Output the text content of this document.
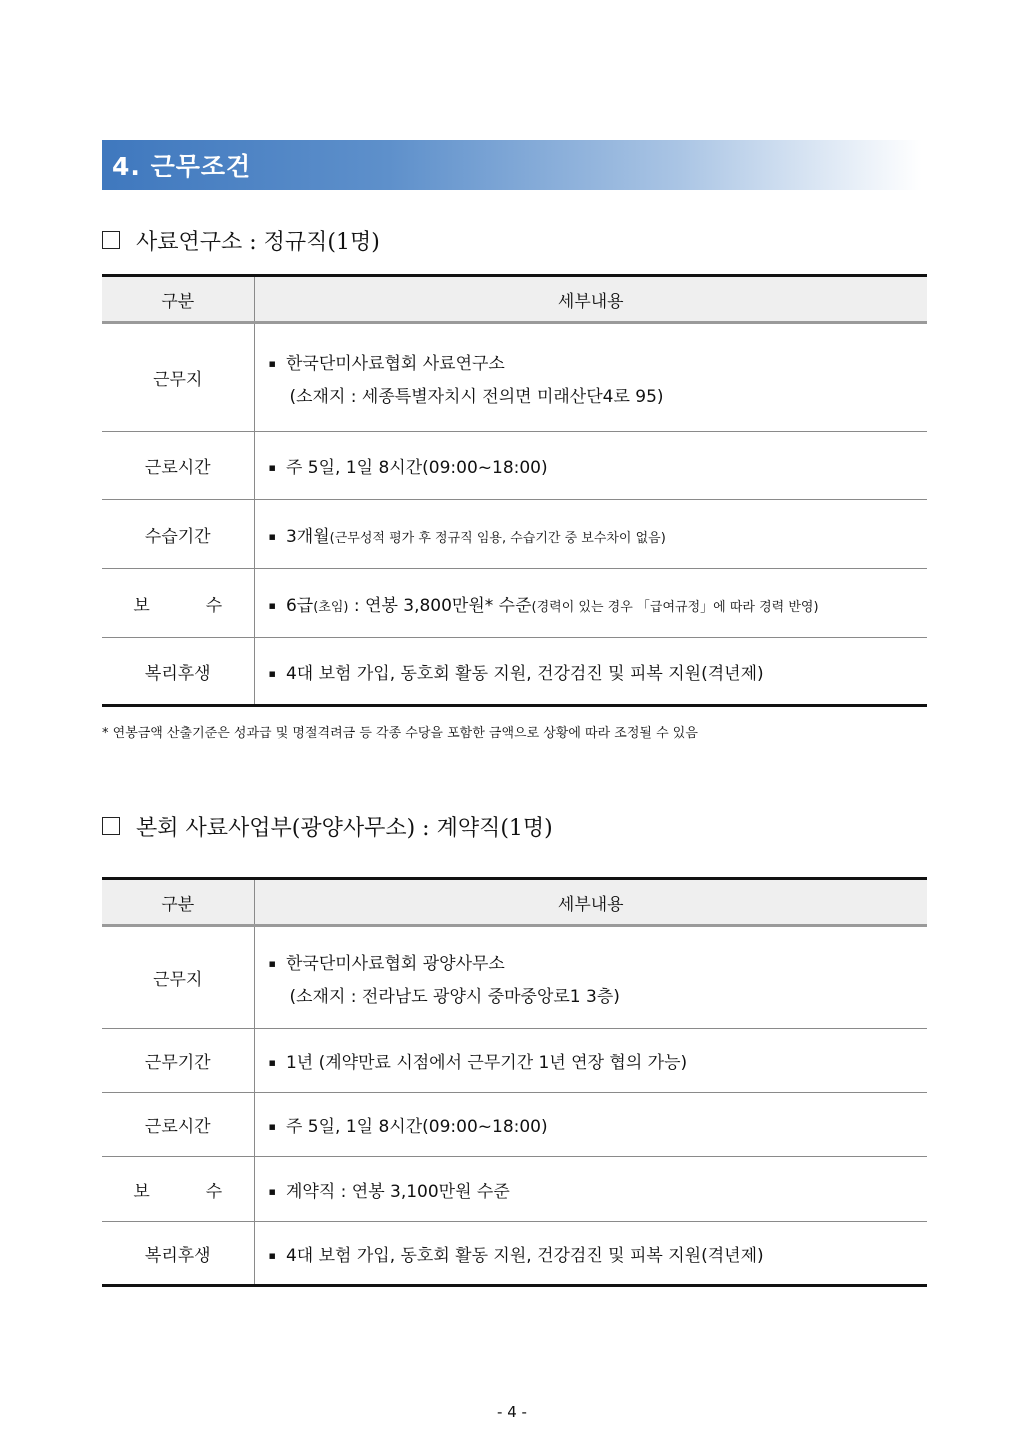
4. 근무조건
사료연구소 : 정규직(1명)
구분	세부내용
근무지	▪ 한국단미사료협회 사료연구소
(소재지 : 세종특별자치시 전의면 미래산단4로 95)

근로시간	▪ 주 5일, 1일 8시간(09:00~18:00)
수습기간	▪ 3개월(근무성적 평가 후 정규직 임용, 수습기간 중 보수차이 없음)
보 수	▪ 6급(초임) : 연봉 3,800만원* 수준(경력이 있는 경우 「급여규정」에 따라 경력 반영)
복리후생	▪ 4대 보험 가입, 동호회 활동 지원, 건강검진 및 피복 지원(격년제)
* 연봉금액 산출기준은 성과급 및 명절격려금 등 각종 수당을 포함한 금액으로 상황에 따라 조정될 수 있음
본회 사료사업부(광양사무소) : 계약직(1명)
구분	세부내용
근무지	▪ 한국단미사료협회 광양사무소
(소재지 : 전라남도 광양시 중마중앙로1 3층)

근무기간	▪ 1년 (계약만료 시점에서 근무기간 1년 연장 협의 가능)
근로시간	▪ 주 5일, 1일 8시간(09:00~18:00)
보 수	▪ 계약직 : 연봉 3,100만원 수준
복리후생	▪ 4대 보험 가입, 동호회 활동 지원, 건강검진 및 피복 지원(격년제)
- 4 -
